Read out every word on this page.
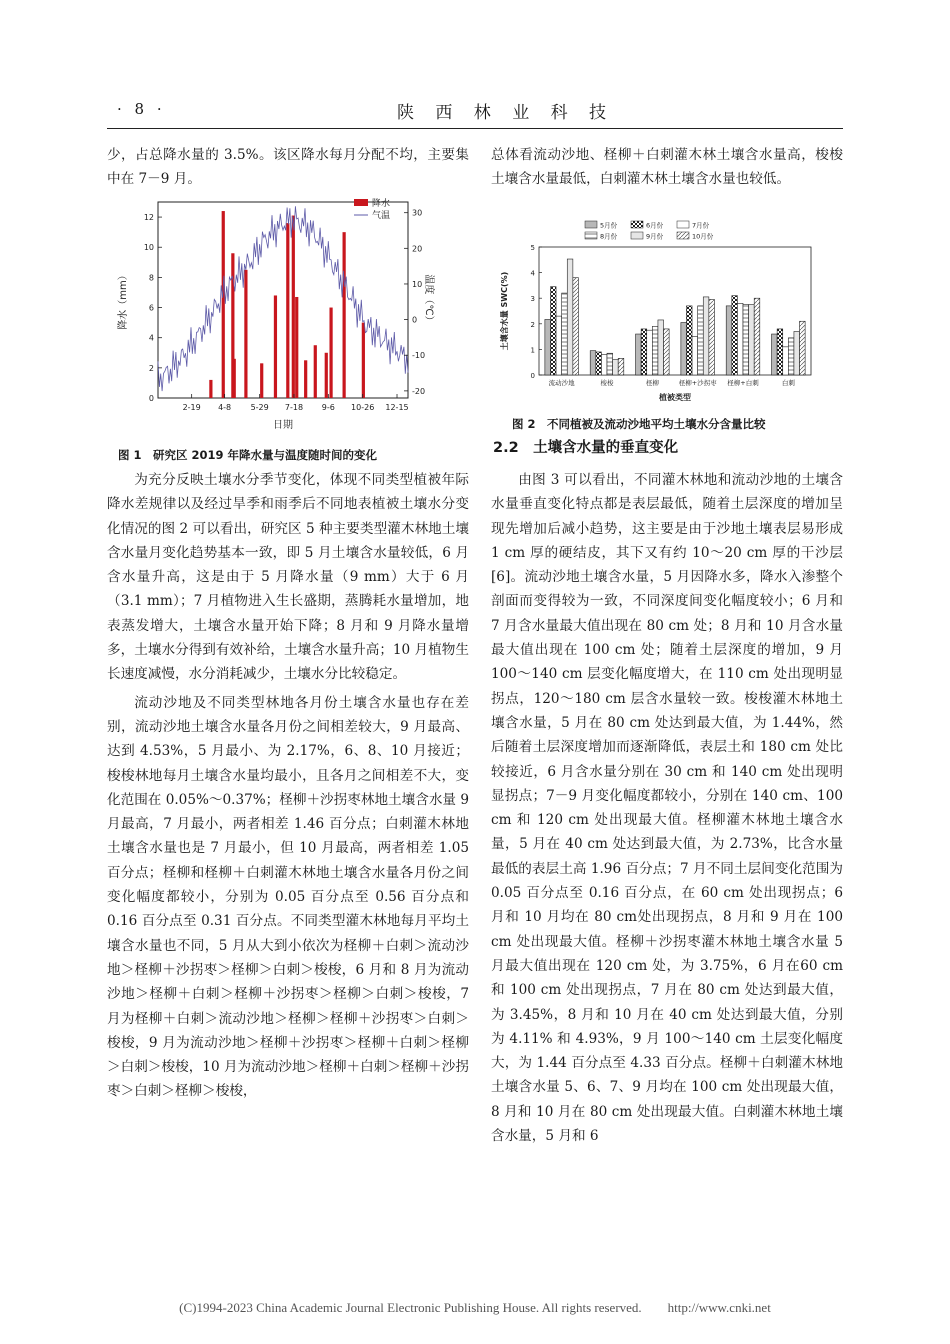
· 8 ·	陕 西 林 业 科 技

少，占总降水量的 3.5%。该区降水每月分配不均，主要集中在 7－9 月。

0
2
4
6
8
10
12
-20
-10
0
10
20
30
2-19 4-8 5-29 7-18 9-6 10-26 12-15
降水（mm）	温度（℃）
日期
降水
气温
图 1　研究区 2019 年降水量与温度随时间的变化

为充分反映土壤水分季节变化，体现不同类型植被年际降水差规律以及经过旱季和雨季后不同地表植被土壤水分变化情况的图 2 可以看出，研究区 5 种主要类型灌木林地土壤含水量月变化趋势基本一致，即 5 月土壤含水量较低，6 月含水量升高，这是由于 5 月降水量（9 mm）大于 6 月（3.1 mm）；7 月植物进入生长盛期，蒸腾耗水量增加，地表蒸发增大，土壤含水量开始下降；8 月和 9 月降水量增多，土壤水分得到有效补给，土壤含水量升高；10 月植物生长速度减慢，水分消耗减少，土壤水分比较稳定。

流动沙地及不同类型林地各月份土壤含水量也存在差别，流动沙地土壤含水量各月份之间相差较大，9 月最高、达到 4.53%，5 月最小、为 2.17%，6、8、10 月接近；梭梭林地每月土壤含水量均最小，且各月之间相差不大，变化范围在 0.05%～0.37%；柽柳＋沙拐枣林地土壤含水量 9 月最高，7 月最小，两者相差 1.46 百分点；白刺灌木林地土壤含水量也是 7 月最小，但 10 月最高，两者相差 1.05 百分点；柽柳和柽柳＋白刺灌木林地土壤含水量各月份之间变化幅度都较小，分别为 0.05 百分点至 0.56 百分点和 0.16 百分点至 0.31 百分点。不同类型灌木林地每月平均土壤含水量也不同，5 月从大到小依次为柽柳＋白刺＞流动沙地＞柽柳＋沙拐枣＞柽柳＞白刺＞梭梭，6 月和 8 月为流动沙地＞柽柳＋白刺＞柽柳＋沙拐枣＞柽柳＞白刺＞梭梭，7 月为柽柳＋白刺＞流动沙地＞柽柳＞柽柳＋沙拐枣＞白刺＞梭梭，9 月为流动沙地＞柽柳＋沙拐枣＞柽柳＋白刺＞柽柳＞白刺＞梭梭，10 月为流动沙地＞柽柳＋白刺＞柽柳＋沙拐枣＞白刺＞柽柳＞梭梭，

总体看流动沙地、柽柳＋白刺灌木林土壤含水量高，梭梭土壤含水量最低，白刺灌木林土壤含水量也较低。

5月份	6月份	7月份
8月份	9月份	10月份
0
1
2
3
4
5
流动沙地	梭梭	柽柳	柽柳+沙拐枣 柽柳+白刺	白刺
土壤含水量 SWC(%)
植被类型
图 2　不同植被及流动沙地平均土壤水分含量比较
2.2　土壤含水量的垂直变化

由图 3 可以看出，不同灌木林地和流动沙地的土壤含水量垂直变化特点都是表层最低，随着土层深度的增加呈现先增加后减小趋势，这主要是由于沙地土壤表层易形成 1 cm 厚的硬结皮，其下又有约 10～20 cm 厚的干沙层[6]。流动沙地土壤含水量，5 月因降水多，降水入渗整个剖面而变得较为一致，不同深度间变化幅度较小；6 月和 7 月含水量最大值出现在 80 cm 处；8 月和 10 月含水量最大值出现在 100 cm 处；随着土层深度的增加，9 月 100～140 cm 层变化幅度增大，在 110 cm 处出现明显拐点，120～180 cm 层含水量较一致。梭梭灌木林地土壤含水量，5 月在 80 cm 处达到最大值，为 1.44%，然后随着土层深度增加而逐渐降低，表层土和 180 cm 处比较接近，6 月含水量分别在 30 cm 和 140 cm 处出现明显拐点；7－9 月变化幅度都较小，分别在 140 cm、100 cm 和 120 cm 处出现最大值。柽柳灌木林地土壤含水量，5 月在 40 cm 处达到最大值，为 2.73%，比含水量最低的表层土高 1.96 百分点；7 月不同土层间变化范围为 0.05 百分点至 0.16 百分点，在 60 cm 处出现拐点；6 月和 10 月均在 80 cm处出现拐点，8 月和 9 月在 100 cm 处出现最大值。柽柳＋沙拐枣灌木林地土壤含水量 5 月最大值出现在 120 cm 处，为 3.75%，6 月在60 cm 和 100 cm 处出现拐点，7 月在 80 cm 处达到最大值，为 3.45%，8 月和 10 月在 40 cm 处达到最大值，分别为 4.11% 和 4.93%，9 月 100～140 cm 土层变化幅度大，为 1.44 百分点至 4.33 百分点。柽柳＋白刺灌木林地土壤含水量 5、6、7、9 月均在 100 cm 处出现最大值，8 月和 10 月在 80 cm 处出现最大值。白刺灌木林地土壤含水量，5 月和 6

(C)1994-2023 China Academic Journal Electronic Publishing House. All rights reserved.　　http://www.cnki.net
